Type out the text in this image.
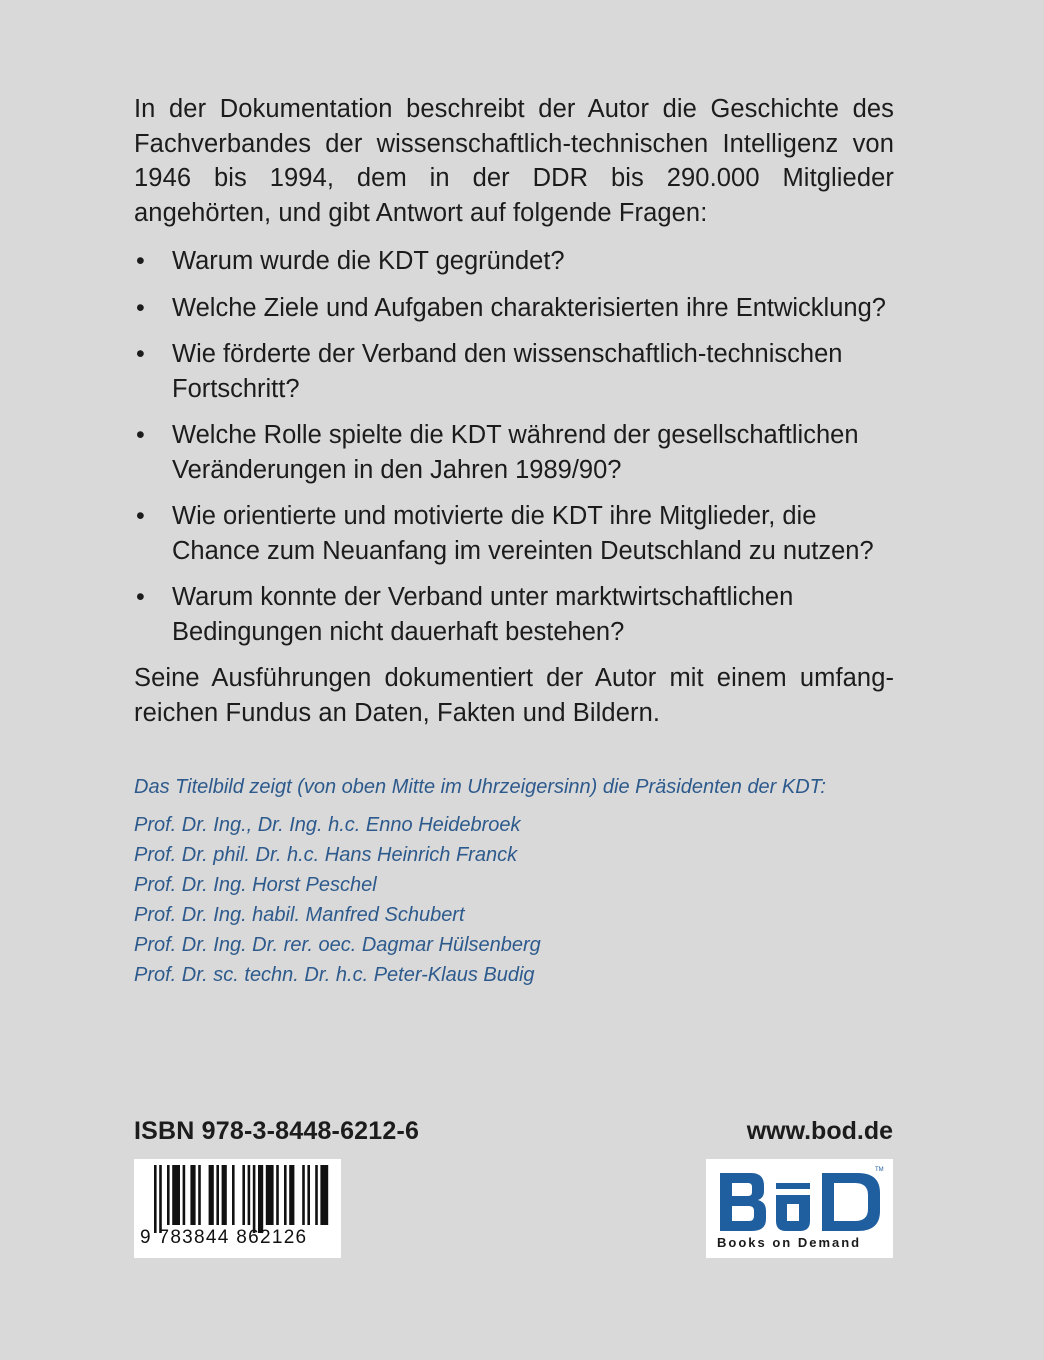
In der Dokumentation beschreibt der Autor die Geschichte des Fachverbandes der wissenschaftlich-technischen Intelligenz von 1946 bis 1994, dem in der DDR bis 290.000 Mitglieder angehörten, und gibt Antwort auf folgende Fragen:

• Warum wurde die KDT gegründet?
• Welche Ziele und Aufgaben charakterisierten ihre Entwicklung?
• Wie förderte der Verband den wissenschaftlich-technischen Fortschritt?
• Welche Rolle spielte die KDT während der gesellschaftlichen Veränderungen in den Jahren 1989/90?
• Wie orientierte und motivierte die KDT ihre Mitglieder, die Chance zum Neuanfang im vereinten Deutschland zu nutzen?
• Warum konnte der Verband unter marktwirtschaftlichen Bedingungen nicht dauerhaft bestehen?

Seine Ausführungen dokumentiert der Autor mit einem umfangreichen Fundus an Daten, Fakten und Bildern.

Das Titelbild zeigt (von oben Mitte im Uhrzeigersinn) die Präsidenten der KDT:
Prof. Dr. Ing., Dr. Ing. h.c. Enno Heidebroek
Prof. Dr. phil. Dr. h.c. Hans Heinrich Franck
Prof. Dr. Ing. Horst Peschel
Prof. Dr. Ing. habil. Manfred Schubert
Prof. Dr. Ing. Dr. rer. oec. Dagmar Hülsenberg
Prof. Dr. sc. techn. Dr. h.c. Peter-Klaus Budig
ISBN 978-3-8448-6212-6	www.bod.de
9 783844 862126
TM
Books on Demand
